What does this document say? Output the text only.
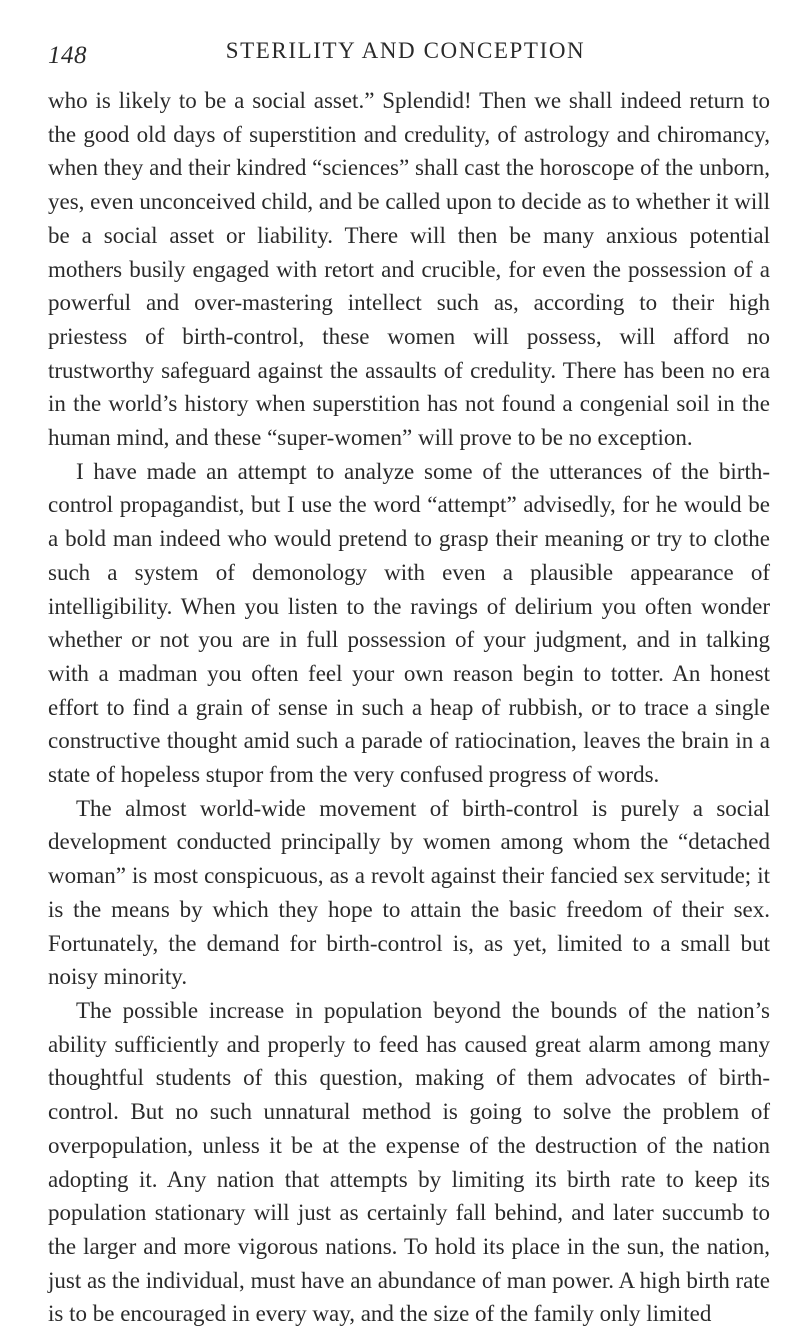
148	STERILITY AND CONCEPTION

who is likely to be a social asset.” Splendid! Then we shall indeed return to the good old days of superstition and credulity, of astrology and chiromancy, when they and their kindred “sciences” shall cast the horoscope of the unborn, yes, even unconceived child, and be called upon to decide as to whether it will be a social asset or liability. There will then be many anxious potential mothers busily engaged with retort and crucible, for even the possession of a powerful and over-mastering intellect such as, according to their high priestess of birth-control, these women will possess, will afford no trustworthy safeguard against the assaults of credulity. There has been no era in the world’s history when superstition has not found a congenial soil in the human mind, and these “super-women” will prove to be no exception.

I have made an attempt to analyze some of the utterances of the birth-control propagandist, but I use the word “attempt” advisedly, for he would be a bold man indeed who would pretend to grasp their meaning or try to clothe such a system of demonology with even a plausible appearance of intelligibility. When you listen to the ravings of delirium you often wonder whether or not you are in full possession of your judgment, and in talking with a madman you often feel your own reason begin to totter. An honest effort to find a grain of sense in such a heap of rubbish, or to trace a single constructive thought amid such a parade of ratiocination, leaves the brain in a state of hopeless stupor from the very confused progress of words.

The almost world-wide movement of birth-control is purely a social development conducted principally by women among whom the “detached woman” is most conspicuous, as a revolt against their fancied sex servitude; it is the means by which they hope to attain the basic freedom of their sex. Fortunately, the demand for birth-control is, as yet, limited to a small but noisy minority.

The possible increase in population beyond the bounds of the nation’s ability sufficiently and properly to feed has caused great alarm among many thoughtful students of this question, making of them advocates of birth-control. But no such unnatural method is going to solve the problem of overpopulation, unless it be at the expense of the destruction of the nation adopting it. Any nation that attempts by limiting its birth rate to keep its population stationary will just as certainly fall behind, and later succumb to the larger and more vigorous nations. To hold its place in the sun, the nation, just as the individual, must have an abundance of man power. A high birth rate is to be encouraged in every way, and the size of the family only limited
